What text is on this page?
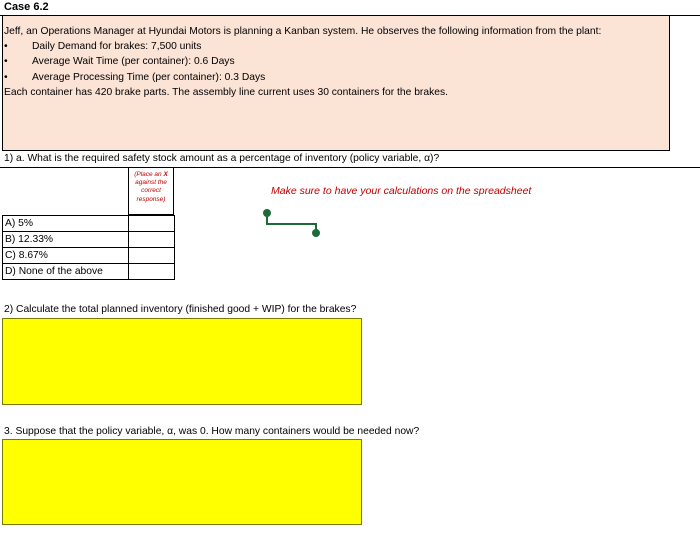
Case 6.2
Jeff, an Operations Manager at Hyundai Motors is planning a Kanban system. He observes the following information from the plant:
• Daily Demand for brakes: 7,500 units
• Average Wait Time (per container): 0.6 Days
• Average Processing Time (per container): 0.3 Days
Each container has 420 brake parts. The assembly line current uses 30 containers for the brakes.
1) a. What is the required safety stock amount as a percentage of inventory (policy variable, α)?
(Place an X against the correct response)
A) 5%	
B) 12.33%	
C) 8.67%	
D) None of the above	
Make sure to have your calculations on the spreadsheet
2) Calculate the total planned inventory (finished good + WIP) for the brakes?
3. Suppose that the policy variable, α, was 0. How many containers would be needed now?
